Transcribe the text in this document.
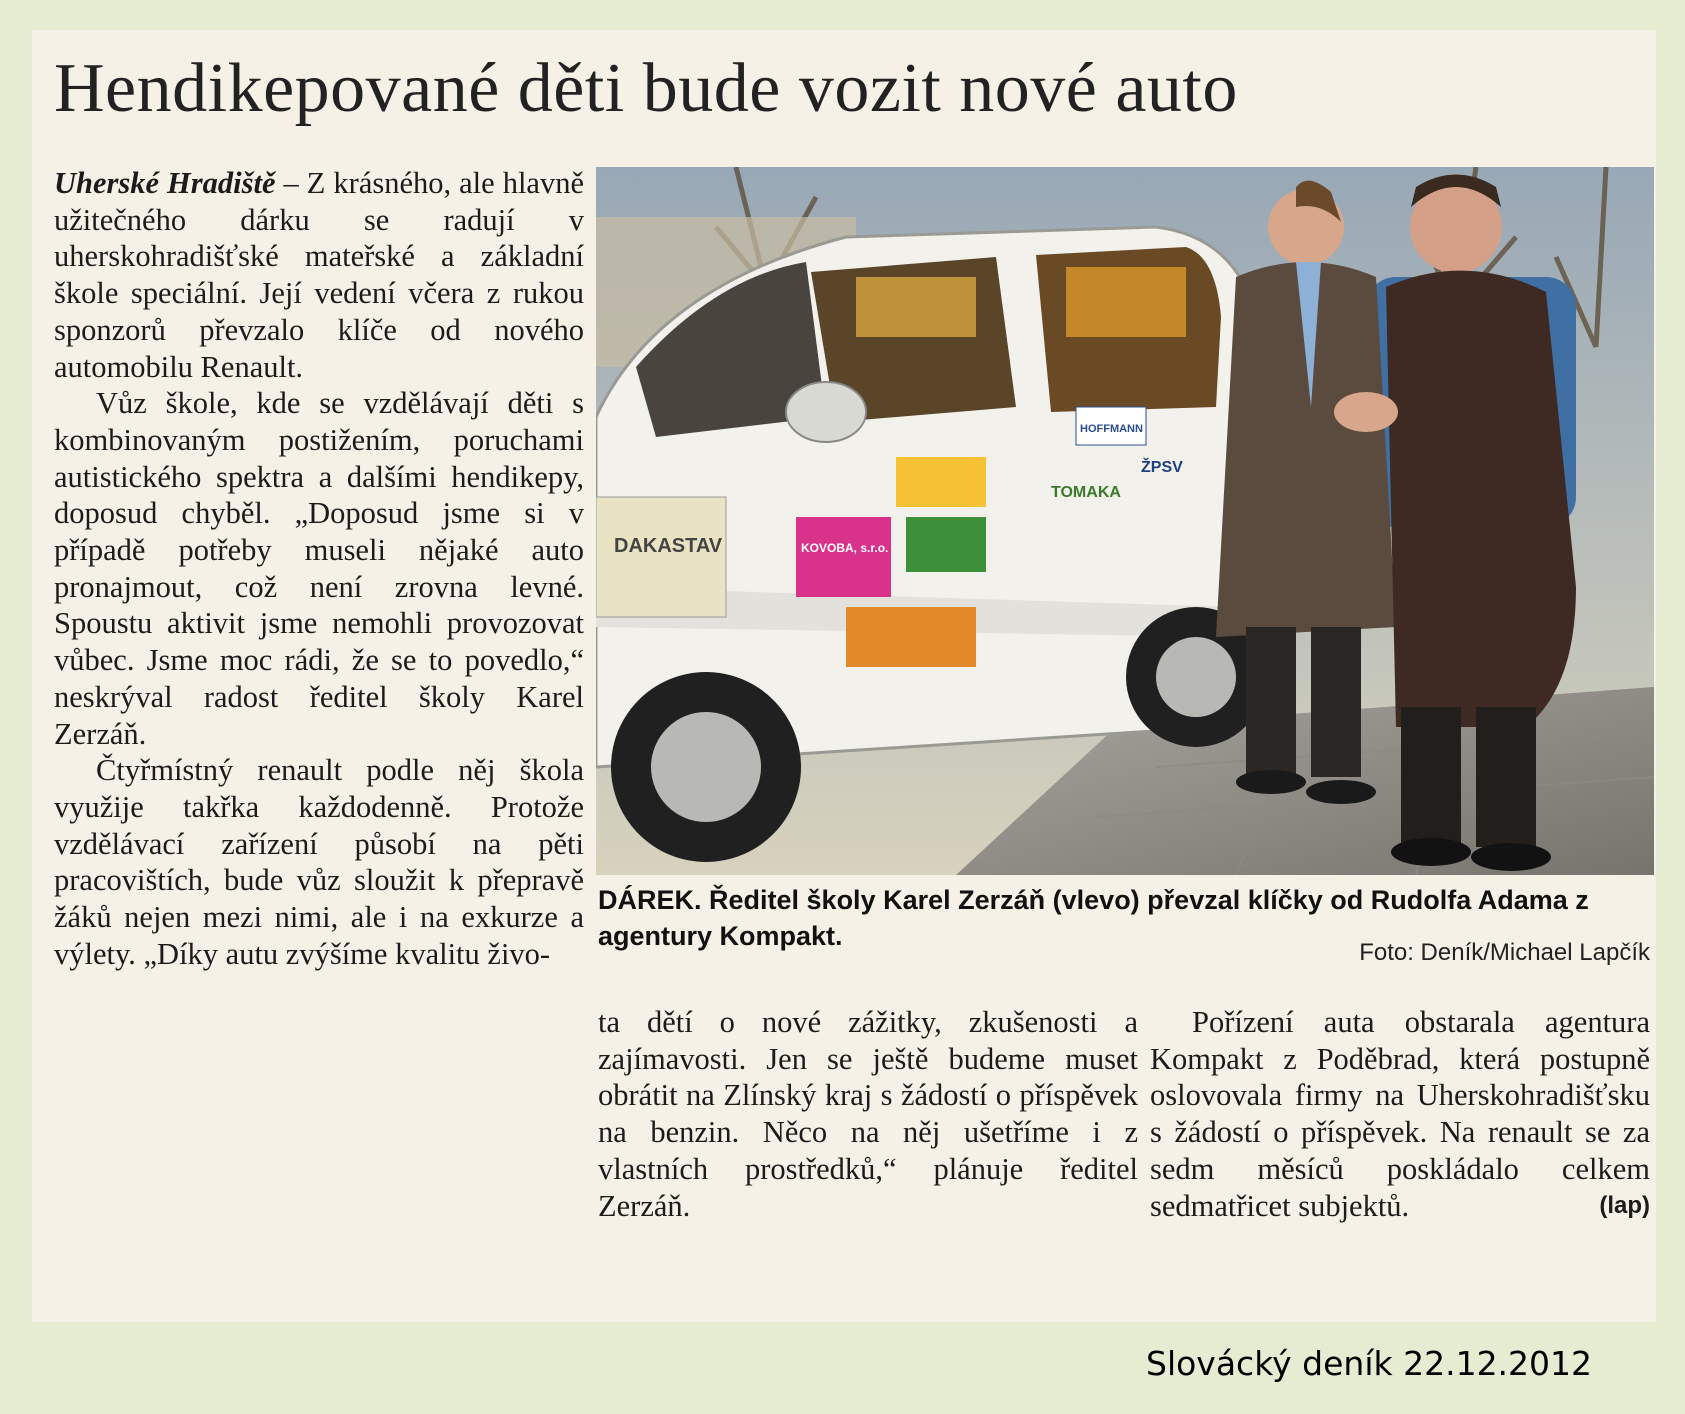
Hendikepované děti bude vozit nové auto

Uherské Hradiště – Z krásného, ale hlavně užitečného dárku se radují v uherskohradišťské mateřské a základní škole speciální. Její vedení včera z rukou sponzorů převzalo klíče od nového automobilu Renault.

Vůz škole, kde se vzdělávají děti s kombinovaným postižením, poruchami autistického spektra a dalšími hendikepy, doposud chyběl. „Doposud jsme si v případě potřeby museli nějaké auto pronajmout, což není zrovna levné. Spoustu aktivit jsme nemohli provozovat vůbec. Jsme moc rádi, že se to povedlo,“ neskrýval radost ředitel školy Karel Zerzáň.

Čtyřmístný renault podle něj škola využije takřka každodenně. Protože vzdělávací zařízení působí na pěti pracovištích, bude vůz sloužit k přepravě žáků nejen mezi nimi, ale i na exkurze a výlety. „Díky autu zvýšíme kvalitu živo-

DAKASTAV	KOVOBA, s.r.o.
HOFFMANN
TOMAKA
ŽPSV
DÁREK. Ředitel školy Karel Zerzáň (vlevo) převzal klíčky od Rudolfa Adama z agentury Kompakt.
Foto: Deník/Michael Lapčík

ta dětí o nové zážitky, zkušenosti a zajímavosti. Jen se ještě budeme muset obrátit na Zlínský kraj s žádostí o příspěvek na benzin. Něco na něj ušetříme i z vlastních prostředků,“ plánuje ředitel Zerzáň.

Pořízení auta obstarala agentura Kompakt z Poděbrad, která postupně oslovovala firmy na Uherskohradišťsku s žádostí o příspěvek. Na renault se za sedm měsíců poskládalo celkem sedmatřicet subjektů.	(lap)

Slovácký deník 22.12.2012
